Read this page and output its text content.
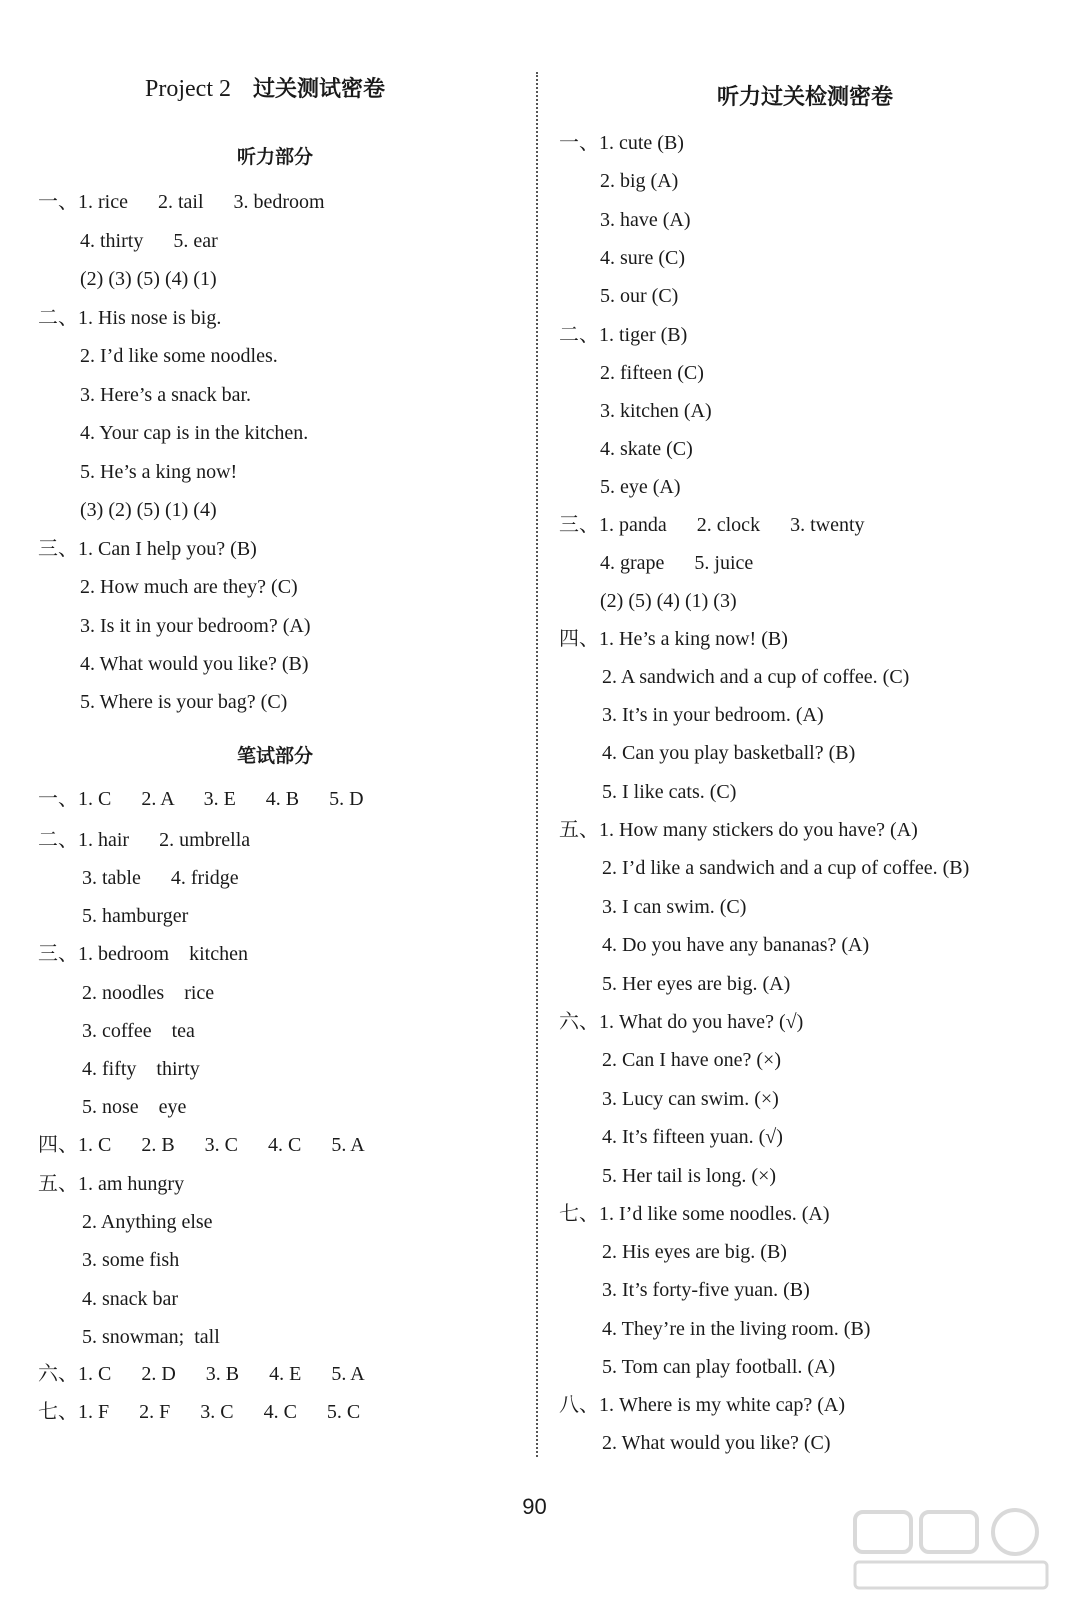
Project 2 过关测试密卷
听力部分
一、1. rice      2. tail      3. bedroom
4. thirty      5. ear
(2) (3) (5) (4) (1)
二、1. His nose is big.
2. I’d like some noodles.
3. Here’s a snack bar.
4. Your cap is in the kitchen.
5. He’s a king now!
(3) (2) (5) (1) (4)
三、1. Can I help you? (B)
2. How much are they? (C)
3. Is it in your bedroom? (A)
4. What would you like? (B)
5. Where is your bag? (C)
笔试部分
一、1. C      2. A      3. E      4. B      5. D
二、1. hair      2. umbrella
3. table      4. fridge
5. hamburger
三、1. bedroom    kitchen
2. noodles    rice
3. coffee    tea
4. fifty    thirty
5. nose    eye
四、1. C      2. B      3. C      4. C      5. A
五、1. am hungry
2. Anything else
3. some fish
4. snack bar
5. snowman;  tall
六、1. C      2. D      3. B      4. E      5. A
七、1. F      2. F      3. C      4. C      5. C
听力过关检测密卷
一、1. cute (B)
2. big (A)
3. have (A)
4. sure (C)
5. our (C)
二、1. tiger (B)
2. fifteen (C)
3. kitchen (A)
4. skate (C)
5. eye (A)
三、1. panda      2. clock      3. twenty
4. grape      5. juice
(2) (5) (4) (1) (3)
四、1. He’s a king now! (B)
2. A sandwich and a cup of coffee. (C)
3. It’s in your bedroom. (A)
4. Can you play basketball? (B)
5. I like cats. (C)
五、1. How many stickers do you have? (A)
2. I’d like a sandwich and a cup of coffee. (B)
3. I can swim. (C)
4. Do you have any bananas? (A)
5. Her eyes are big. (A)
六、1. What do you have? (√)
2. Can I have one? (×)
3. Lucy can swim. (×)
4. It’s fifteen yuan. (√)
5. Her tail is long. (×)
七、1. I’d like some noodles. (A)
2. His eyes are big. (B)
3. It’s forty-five yuan. (B)
4. They’re in the living room. (B)
5. Tom can play football. (A)
八、1. Where is my white cap? (A)
2. What would you like? (C)
90
